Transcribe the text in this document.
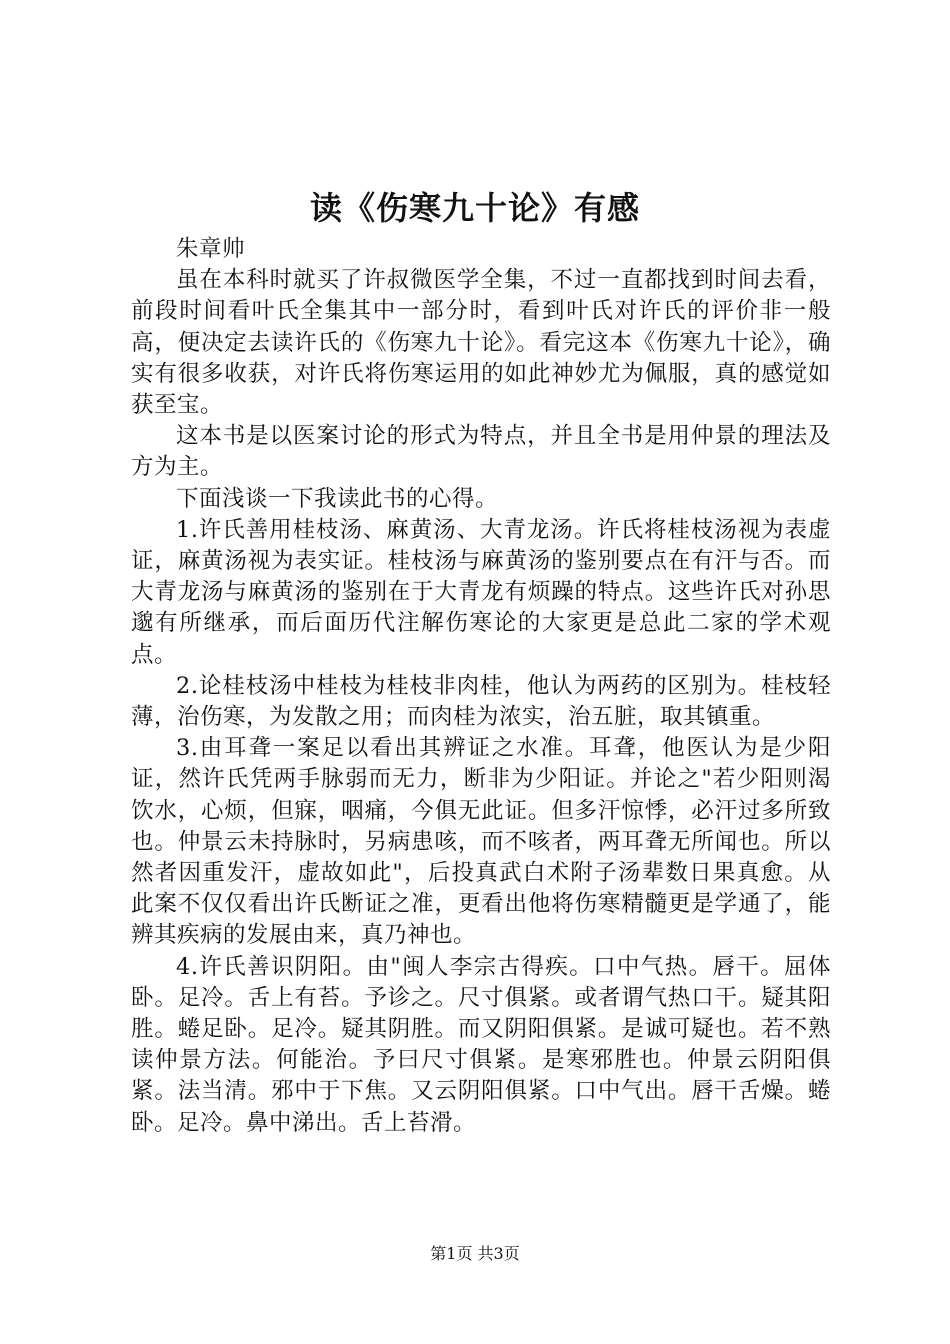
读《伤寒九十论》有感

朱章帅

虽在本科时就买了许叔微医学全集，不过一直都找到时间去看，前段时间看叶氏全集其中一部分时，看到叶氏对许氏的评价非一般高，便决定去读许氏的《伤寒九十论》。看完这本《伤寒九十论》，确实有很多收获，对许氏将伤寒运用的如此神妙尤为佩服，真的感觉如获至宝。

这本书是以医案讨论的形式为特点，并且全书是用仲景的理法及方为主。

下面浅谈一下我读此书的心得。

1.许氏善用桂枝汤、麻黄汤、大青龙汤。许氏将桂枝汤视为表虚证，麻黄汤视为表实证。桂枝汤与麻黄汤的鉴别要点在有汗与否。而大青龙汤与麻黄汤的鉴别在于大青龙有烦躁的特点。这些许氏对孙思邈有所继承，而后面历代注解伤寒论的大家更是总此二家的学术观点。

2.论桂枝汤中桂枝为桂枝非肉桂，他认为两药的区别为。桂枝轻薄，治伤寒，为发散之用；而肉桂为浓实，治五脏，取其镇重。

3.由耳聋一案足以看出其辨证之水准。耳聋，他医认为是少阳证，然许氏凭两手脉弱而无力，断非为少阳证。并论之"若少阳则渴饮水，心烦，但寐，咽痛，今俱无此证。但多汗惊悸，必汗过多所致也。仲景云未持脉时，另病患咳，而不咳者，两耳聋无所闻也。所以然者因重发汗，虚故如此"，后投真武白术附子汤辈数日果真愈。从此案不仅仅看出许氏断证之准，更看出他将伤寒精髓更是学通了，能辨其疾病的发展由来，真乃神也。

4.许氏善识阴阳。由"闽人李宗古得疾。口中气热。唇干。屈体卧。足冷。舌上有苔。予诊之。尺寸俱紧。或者谓气热口干。疑其阳胜。蜷足卧。足冷。疑其阴胜。而又阴阳俱紧。是诚可疑也。若不熟读仲景方法。何能治。予曰尺寸俱紧。是寒邪胜也。仲景云阴阳俱紧。法当清。邪中于下焦。又云阴阳俱紧。口中气出。唇干舌燥。蜷卧。足冷。鼻中涕出。舌上苔滑。

第1页 共3页
